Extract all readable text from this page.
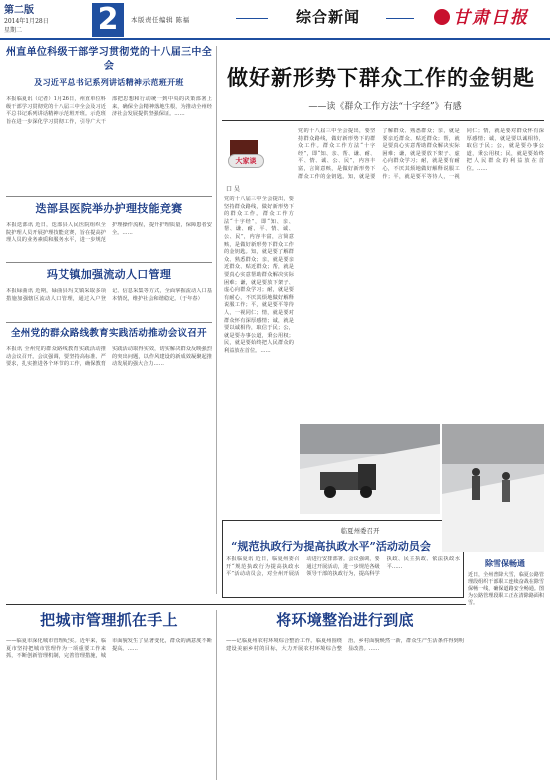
第二版
2014年1月28日
星期二	2	本版责任编辑 陈福	综合新闻	甘肃日报
州直单位科级干部学习贯彻党的十八届三中全会
及习近平总书记系列讲话精神示范班开班
本报临夏讯（记者）1月26日，州直单位科级干部学习贯彻党的十八届三中全会及习近平总书记系列讲话精神示范班开班。示范班旨在进一步深化学习贯彻工作，引导广大干部把思想和行动统一到中央的决策部署上来，确保全会精神落地生根，为推动全州经济社会发展提供坚强保证。……
迭部县医院举办护理技能竞赛
本报迭部讯 近日，迭部县人民医院组织全院护理人员开展护理技能竞赛，旨在提高护理人员的业务素质和服务水平，进一步规范护理操作流程，提升护理质量，保障患者安全。……
玛艾镇加强流动人口管理
本报碌曲讯 近期，碌曲县玛艾镇采取多项措施加强辖区流动人口管理，通过入户登记、信息采集等方式，全面掌握流动人口基本情况，维护社会和谐稳定。（于年春）
全州党的群众路线教育实践活动推动会议召开
本报讯 全州党的群众路线教育实践活动推动会议召开。会议强调，要坚持高标准、严要求，扎实推进各个环节的工作，确保教育实践活动取得实效，切实解决群众反映强烈的突出问题，以作风建设的新成效凝聚起推动发展的强大合力……
做好新形势下群众工作的金钥匙
——读《群众工作方法“十字经”》有感
大家谈
口 吴
党的十八届三中全会提出，要坚持群众路线，做好新形势下的群众工作。群众工作方法“十字经”，即“知、亲、帮、谦、耐、平、情、诚、公、民”，内容丰富，言简意赅，是做好新形势下群众工作的金钥匙。知，就是要了解群众、熟悉群众；亲，就是要亲近群众、贴近群众；帮，就是要真心实意帮助群众解决实际困难；谦，就是要放下架子、虚心向群众学习；耐，就是要有耐心，不厌其烦地做好解释说服工作；平，就是要平等待人，一视同仁；情，就是要对群众怀有深厚感情；诚，就是要以诚相待，取信于民；公，就是要办事公道，秉公用权；民，就是要始终把人民群众的利益放在首位。……
党的十八届三中全会提出，要坚持群众路线，做好新形势下的群众工作。群众工作方法“十字经”，即“知、亲、帮、谦、耐、平、情、诚、公、民”，内容丰富，言简意赅，是做好新形势下群众工作的金钥匙。知，就是要了解群众、熟悉群众；亲，就是要亲近群众、贴近群众；帮，就是要真心实意帮助群众解决实际困难；谦，就是要放下架子、虚心向群众学习；耐，就是要有耐心，不厌其烦地做好解释说服工作；平，就是要平等待人，一视同仁；情，就是要对群众怀有深厚感情；诚，就是要以诚相待，取信于民；公，就是要办事公道，秉公用权；民，就是要始终把人民群众的利益放在首位。……
临夏州委召开
“规范执政行为提高执政水平”活动动员会
本报临夏讯 近日，临夏州委召开“规范执政行为提高执政水平”活动动员会，对全州开展活动进行安排部署。会议强调，要通过开展活动，进一步规范各级领导干部的执政行为，提高科学执政、民主执政、依法执政水平……	除雪保畅通
近日，全州普降大雪，临夏公路管理段组织干部职工连续奋战在除雪保畅一线，确保道路安全畅通。图为公路管理段职工正在清除路面积雪。
把城市管理抓在手上
——临夏市深化城市管理纪实。近年来，临夏市坚持把城市管理作为一项重要工作来抓，不断创新管理机制，完善管理措施，城市面貌发生了显著变化，群众的满意度不断提高。……
将环境整治进行到底
——记临夏州农村环境综合整治工作。临夏州围绕建设美丽乡村的目标，大力开展农村环境综合整治，乡村面貌焕然一新，群众生产生活条件得到明显改善。……
